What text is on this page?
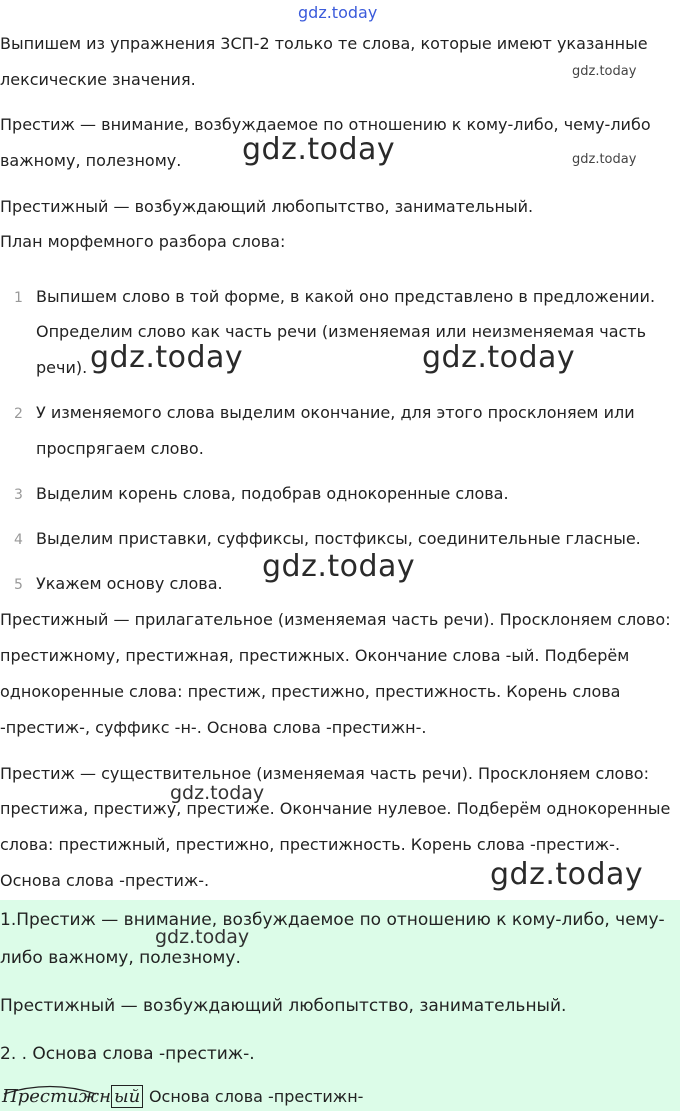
gdz.today

Выпишем из упражнения 3СП-2 только те слова, которые имеют указанные

лексические значения.	gdz.today

Престиж — внимание, возбуждаемое по отношению к кому-либо, чему-либо

важному, полезному. gdz.today	gdz.today

Престижный — возбуждающий любопытство, занимательный.

План морфемного разбора слова:

1 Выпишем слово в той форме, в какой оно представлено в предложении.
Определим слово как часть речи (изменяемая или неизменяемая часть
речи). gdz.today	gdz.today
2 У изменяемого слова выделим окончание, для этого просклоняем или
проспрягаем слово.
3 Выделим корень слова, подобрав однокоренные слова.
4 Выделим приставки, суффиксы, постфиксы, соединительные гласные.
5 Укажем основу слова. gdz.today

Престижный — прилагательное (изменяемая часть речи). Просклоняем слово:

престижному, престижная, престижных. Окончание слова -ый. Подберём

однокоренные слова: престиж, престижно, престижность. Корень слова

-престиж-, суффикс -н-. Основа слова -престижн-.

Престиж — существительное (изменяемая часть речи). Просклоняем слово:

gdz.today

престижа, престижу, престиже. Окончание нулевое. Подберём однокоренные

слова: престижный, престижно, престижность. Корень слова -престиж-.

Основа слова -престиж-.	gdz.today

1.Престиж — внимание, возбуждаемое по отношению к кому-либо, чему-

gdz.today

либо важному, полезному.

Престижный — возбуждающий любопытство, занимательный.

2. . Основа слова -престиж-.

Престижн ый Основа слова -престижн-
